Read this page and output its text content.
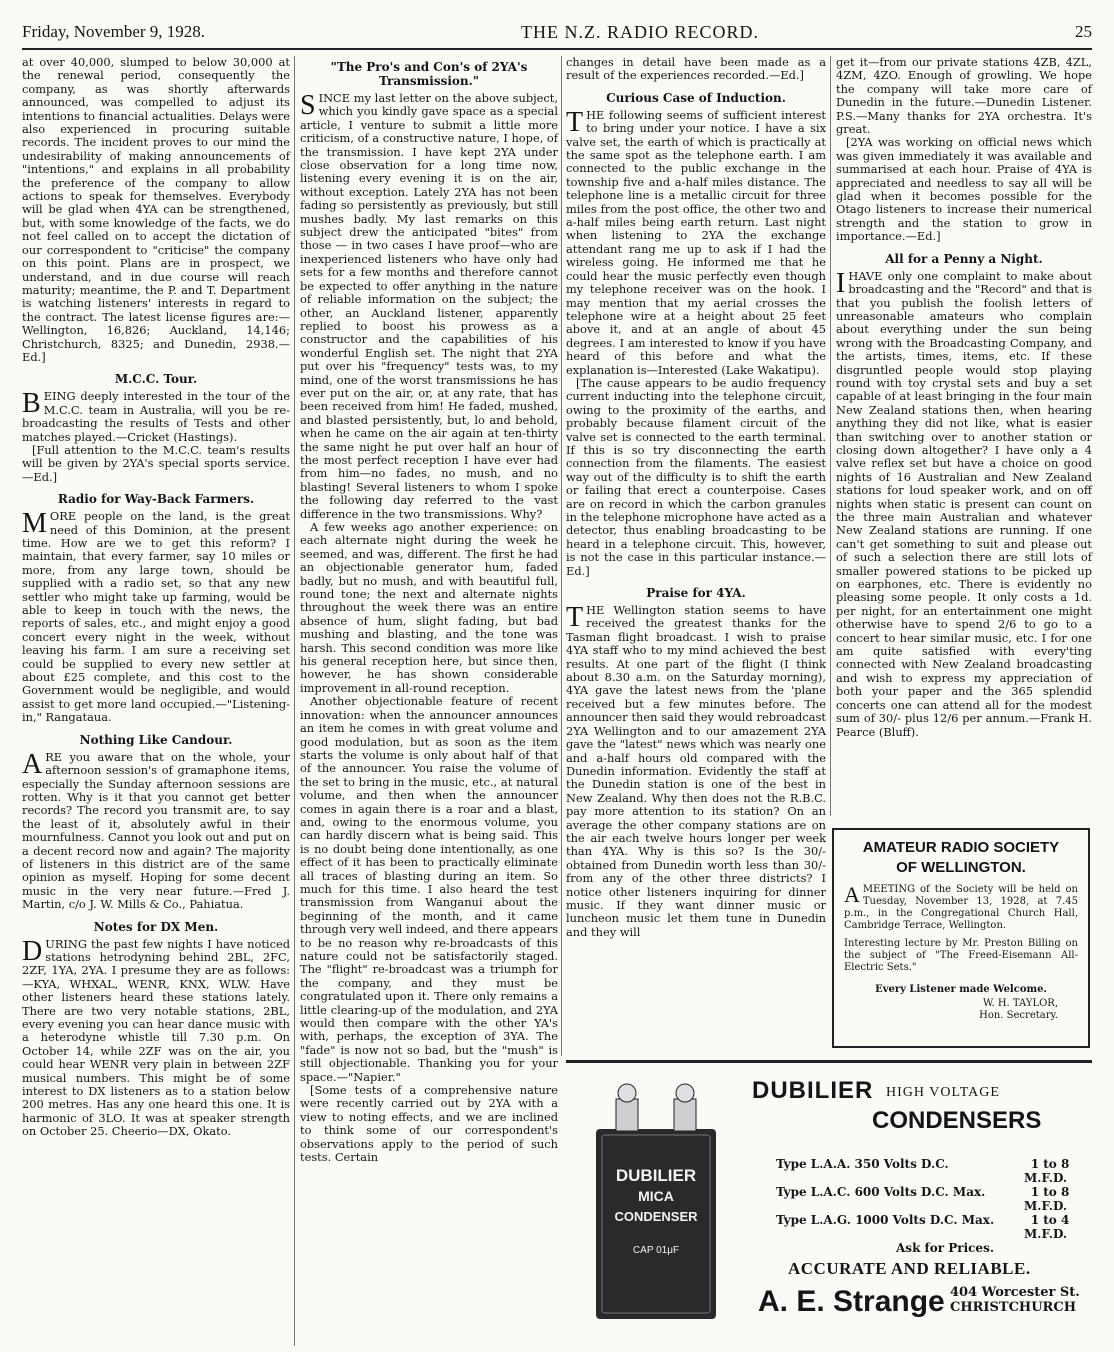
Friday, November 9, 1928.	THE N.Z. RADIO RECORD.	25

at over 40,000, slumped to below 30,000 at the renewal period, consequently the company, as was shortly afterwards announced, was compelled to adjust its intentions to financial actualities. Delays were also experienced in procuring suitable records. The incident proves to our mind the undesirability of making announcements of "intentions," and explains in all probability the preference of the company to allow actions to speak for themselves. Everybody will be glad when 4YA can be strengthened, but, with some knowledge of the facts, we do not feel called on to accept the dictation of our correspondent to "criticise" the company on this point. Plans are in prospect, we understand, and in due course will reach maturity; meantime, the P. and T. Department is watching listeners' interests in regard to the contract. The latest license figures are:—Wellington, 16,826; Auckland, 14,146; Christchurch, 8325; and Dunedin, 2938.—Ed.]

M.C.C. Tour.

BEING deeply interested in the tour of the M.C.C. team in Australia, will you be re-broadcasting the results of Tests and other matches played.—Cricket (Hastings).

[Full attention to the M.C.C. team's results will be given by 2YA's special sports service.—Ed.]

Radio for Way-Back Farmers.

MORE people on the land, is the great need of this Dominion, at the present time. How are we to get this reform? I maintain, that every farmer, say 10 miles or more, from any large town, should be supplied with a radio set, so that any new settler who might take up farming, would be able to keep in touch with the news, the reports of sales, etc., and might enjoy a good concert every night in the week, without leaving his farm. I am sure a receiving set could be supplied to every new settler at about £25 complete, and this cost to the Government would be negligible, and would assist to get more land occupied.—"Listening-in," Rangataua.

Nothing Like Candour.

ARE you aware that on the whole, your afternoon session's of gramaphone items, especially the Sunday afternoon sessions are rotten. Why is it that you cannot get better records? The record you transmit are, to say the least of it, absolutely awful in their mournfulness. Cannot you look out and put on a decent record now and again? The majority of listeners in this district are of the same opinion as myself. Hoping for some decent music in the very near future.—Fred J. Martin, c/o J. W. Mills & Co., Pahiatua.

Notes for DX Men.

DURING the past few nights I have noticed stations hetrodyning behind 2BL, 2FC, 2ZF, 1YA, 2YA. I presume they are as follows:—KYA, WHXAL, WENR, KNX, WLW. Have other listeners heard these stations lately. There are two very notable stations, 2BL, every evening you can hear dance music with a heterodyne whistle till 7.30 p.m. On October 14, while 2ZF was on the air, you could hear WENR very plain in between 2ZF musical numbers. This might be of some interest to DX listeners as to a station below 200 metres. Has any one heard this one. It is harmonic of 3LO. It was at speaker strength on October 25. Cheerio—DX, Okato.

"The Pro's and Con's of 2YA's Transmission."

SINCE my last letter on the above subject, which you kindly gave space as a special article, I venture to submit a little more criticism, of a constructive nature, I hope, of the transmission. I have kept 2YA under close observation for a long time now, listening every evening it is on the air, without exception. Lately 2YA has not been fading so persistently as previously, but still mushes badly. My last remarks on this subject drew the anticipated "bites" from those — in two cases I have proof—who are inexperienced listeners who have only had sets for a few months and therefore cannot be expected to offer anything in the nature of reliable information on the subject; the other, an Auckland listener, apparently replied to boost his prowess as a constructor and the capabilities of his wonderful English set. The night that 2YA put over his "frequency" tests was, to my mind, one of the worst transmissions he has ever put on the air, or, at any rate, that has been received from him! He faded, mushed, and blasted persistently, but, lo and behold, when he came on the air again at ten-thirty the same night he put over half an hour of the most perfect reception I have ever had from him—no fades, no mush, and no blasting! Several listeners to whom I spoke the following day referred to the vast difference in the two transmissions. Why?

A few weeks ago another experience: on each alternate night during the week he seemed, and was, different. The first he had an objectionable generator hum, faded badly, but no mush, and with beautiful full, round tone; the next and alternate nights throughout the week there was an entire absence of hum, slight fading, but bad mushing and blasting, and the tone was harsh. This second condition was more like his general reception here, but since then, however, he has shown considerable improvement in all-round reception.

Another objectionable feature of recent innovation: when the announcer announces an item he comes in with great volume and good modulation, but as soon as the item starts the volume is only about half of that of the announcer. You raise the volume of the set to bring in the music, etc., at natural volume, and then when the announcer comes in again there is a roar and a blast, and, owing to the enormous volume, you can hardly discern what is being said. This is no doubt being done intentionally, as one effect of it has been to practically eliminate all traces of blasting during an item. So much for this time. I also heard the test transmission from Wanganui about the beginning of the month, and it came through very well indeed, and there appears to be no reason why re-broadcasts of this nature could not be satisfactorily staged. The "flight" re-broadcast was a triumph for the company, and they must be congratulated upon it. There only remains a little clearing-up of the modulation, and 2YA would then compare with the other YA's with, perhaps, the exception of 3YA. The "fade" is now not so bad, but the "mush" is still objectionable. Thanking you for your space.—"Napier."

[Some tests of a comprehensive nature were recently carried out by 2YA with a view to noting effects, and we are inclined to think some of our correspondent's observations apply to the period of such tests. Certain

changes in detail have been made as a result of the experiences recorded.—Ed.]

Curious Case of Induction.

THE following seems of sufficient interest to bring under your notice. I have a six valve set, the earth of which is practically at the same spot as the telephone earth. I am connected to the public exchange in the township five and a-half miles distance. The telephone line is a metallic circuit for three miles from the post office, the other two and a-half miles being earth return. Last night when listening to 2YA the exchange attendant rang me up to ask if I had the wireless going. He informed me that he could hear the music perfectly even though my telephone receiver was on the hook. I may mention that my aerial crosses the telephone wire at a height about 25 feet above it, and at an angle of about 45 degrees. I am interested to know if you have heard of this before and what the explanation is—Interested (Lake Wakatipu).

[The cause appears to be audio frequency current inducting into the telephone circuit, owing to the proximity of the earths, and probably because filament circuit of the valve set is connected to the earth terminal. If this is so try disconnecting the earth connection from the filaments. The easiest way out of the difficulty is to shift the earth or failing that erect a counterpoise. Cases are on record in which the carbon granules in the telephone microphone have acted as a detector, thus enabling broadcasting to be heard in a telephone circuit. This, however, is not the case in this particular instance.—Ed.]

Praise for 4YA.

THE Wellington station seems to have received the greatest thanks for the Tasman flight broadcast. I wish to praise 4YA staff who to my mind achieved the best results. At one part of the flight (I think about 8.30 a.m. on the Saturday morning), 4YA gave the latest news from the 'plane received but a few minutes before. The announcer then said they would rebroadcast 2YA Wellington and to our amazement 2YA gave the "latest" news which was nearly one and a-half hours old compared with the Dunedin information. Evidently the staff at the Dunedin station is one of the best in New Zealand. Why then does not the R.B.C. pay more attention to its station? On an average the other company stations are on the air each twelve hours longer per week than 4YA. Why is this so? Is the 30/- obtained from Dunedin worth less than 30/- from any of the other three districts? I notice other listeners inquiring for dinner music. If they want dinner music or luncheon music let them tune in Dunedin and they will

get it—from our private stations 4ZB, 4ZL, 4ZM, 4ZO. Enough of growling. We hope the company will take more care of Dunedin in the future.—Dunedin Listener. P.S.—Many thanks for 2YA orchestra. It's great.

[2YA was working on official news which was given immediately it was available and summarised at each hour. Praise of 4YA is appreciated and needless to say all will be glad when it becomes possible for the Otago listeners to increase their numerical strength and the station to grow in importance.—Ed.]

All for a Penny a Night.

IHAVE only one complaint to make about broadcasting and the "Record" and that is that you publish the foolish letters of unreasonable amateurs who complain about everything under the sun being wrong with the Broadcasting Company, and the artists, times, items, etc. If these disgruntled people would stop playing round with toy crystal sets and buy a set capable of at least bringing in the four main New Zealand stations then, when hearing anything they did not like, what is easier than switching over to another station or closing down altogether? I have only a 4 valve reflex set but have a choice on good nights of 16 Australian and New Zealand stations for loud speaker work, and on off nights when static is present can count on the three main Australian and whatever New Zealand stations are running. If one can't get something to suit and please out of such a selection there are still lots of smaller powered stations to be picked up on earphones, etc. There is evidently no pleasing some people. It only costs a 1d. per night, for an entertainment one might otherwise have to spend 2/6 to go to a concert to hear similar music, etc. I for one am quite satisfied with every'ting connected with New Zealand broadcasting and wish to express my appreciation of both your paper and the 365 splendid concerts one can attend all for the modest sum of 30/- plus 12/6 per annum.—Frank H. Pearce (Bluff).

AMATEUR RADIO SOCIETY
OF WELLINGTON.

AMEETING of the Society will be held on Tuesday, November 13, 1928, at 7.45 p.m., in the Congregational Church Hall, Cambridge Terrace, Wellington.

Interesting lecture by Mr. Preston Billing on the subject of "The Freed-Eisemann All-Electric Sets."

Every Listener made Welcome.

W. H. TAYLOR,

Hon. Secretary.

DUBILIER
MICA
CONDENSER
CAP 01μF
DUBILIER HIGH VOLTAGE
CONDENSERS
Type L.A.A. 350 Volts D.C.	1 to 8
M.F.D.
Type L.A.C. 600 Volts D.C. Max.	1 to 8
M.F.D.
Type L.A.G. 1000 Volts D.C. Max.	1 to 4
M.F.D.
Ask for Prices.
ACCURATE AND RELIABLE.
A. E. Strange 404 Worcester St.
CHRISTCHURCH
